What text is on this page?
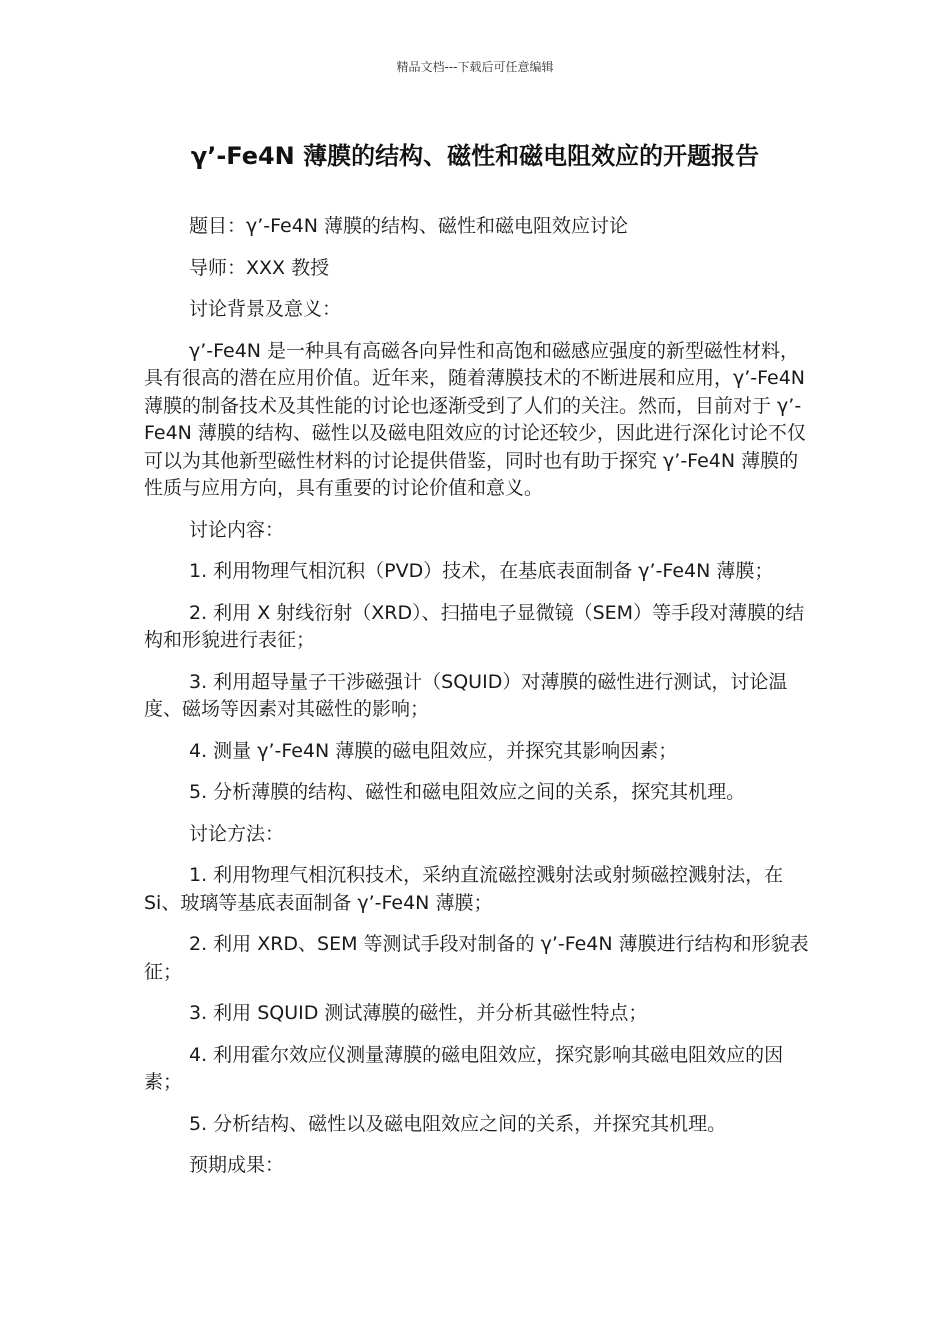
精品文档---下载后可任意编辑
γ’-Fe4N 薄膜的结构、磁性和磁电阻效应的开题报告

题目：γ’-Fe4N 薄膜的结构、磁性和磁电阻效应讨论

导师：XXX 教授

讨论背景及意义：

γ’-Fe4N 是一种具有高磁各向异性和高饱和磁感应强度的新型磁性材料，具有很高的潜在应用价值。近年来，随着薄膜技术的不断进展和应用，γ’-Fe4N 薄膜的制备技术及其性能的讨论也逐渐受到了人们的关注。然而，目前对于 γ’-Fe4N 薄膜的结构、磁性以及磁电阻效应的讨论还较少，因此进行深化讨论不仅可以为其他新型磁性材料的讨论提供借鉴，同时也有助于探究 γ’-Fe4N 薄膜的性质与应用方向，具有重要的讨论价值和意义。

讨论内容：

1. 利用物理气相沉积（PVD）技术，在基底表面制备 γ’-Fe4N 薄膜；

2. 利用 X 射线衍射（XRD）、扫描电子显微镜（SEM）等手段对薄膜的结构和形貌进行表征；

3. 利用超导量子干涉磁强计（SQUID）对薄膜的磁性进行测试，讨论温度、磁场等因素对其磁性的影响；

4. 测量 γ’-Fe4N 薄膜的磁电阻效应，并探究其影响因素；

5. 分析薄膜的结构、磁性和磁电阻效应之间的关系，探究其机理。

讨论方法：

1. 利用物理气相沉积技术，采纳直流磁控溅射法或射频磁控溅射法，在 Si、玻璃等基底表面制备 γ’-Fe4N 薄膜；

2. 利用 XRD、SEM 等测试手段对制备的 γ’-Fe4N 薄膜进行结构和形貌表征；

3. 利用 SQUID 测试薄膜的磁性，并分析其磁性特点；

4. 利用霍尔效应仪测量薄膜的磁电阻效应，探究影响其磁电阻效应的因素；

5. 分析结构、磁性以及磁电阻效应之间的关系，并探究其机理。

预期成果：
